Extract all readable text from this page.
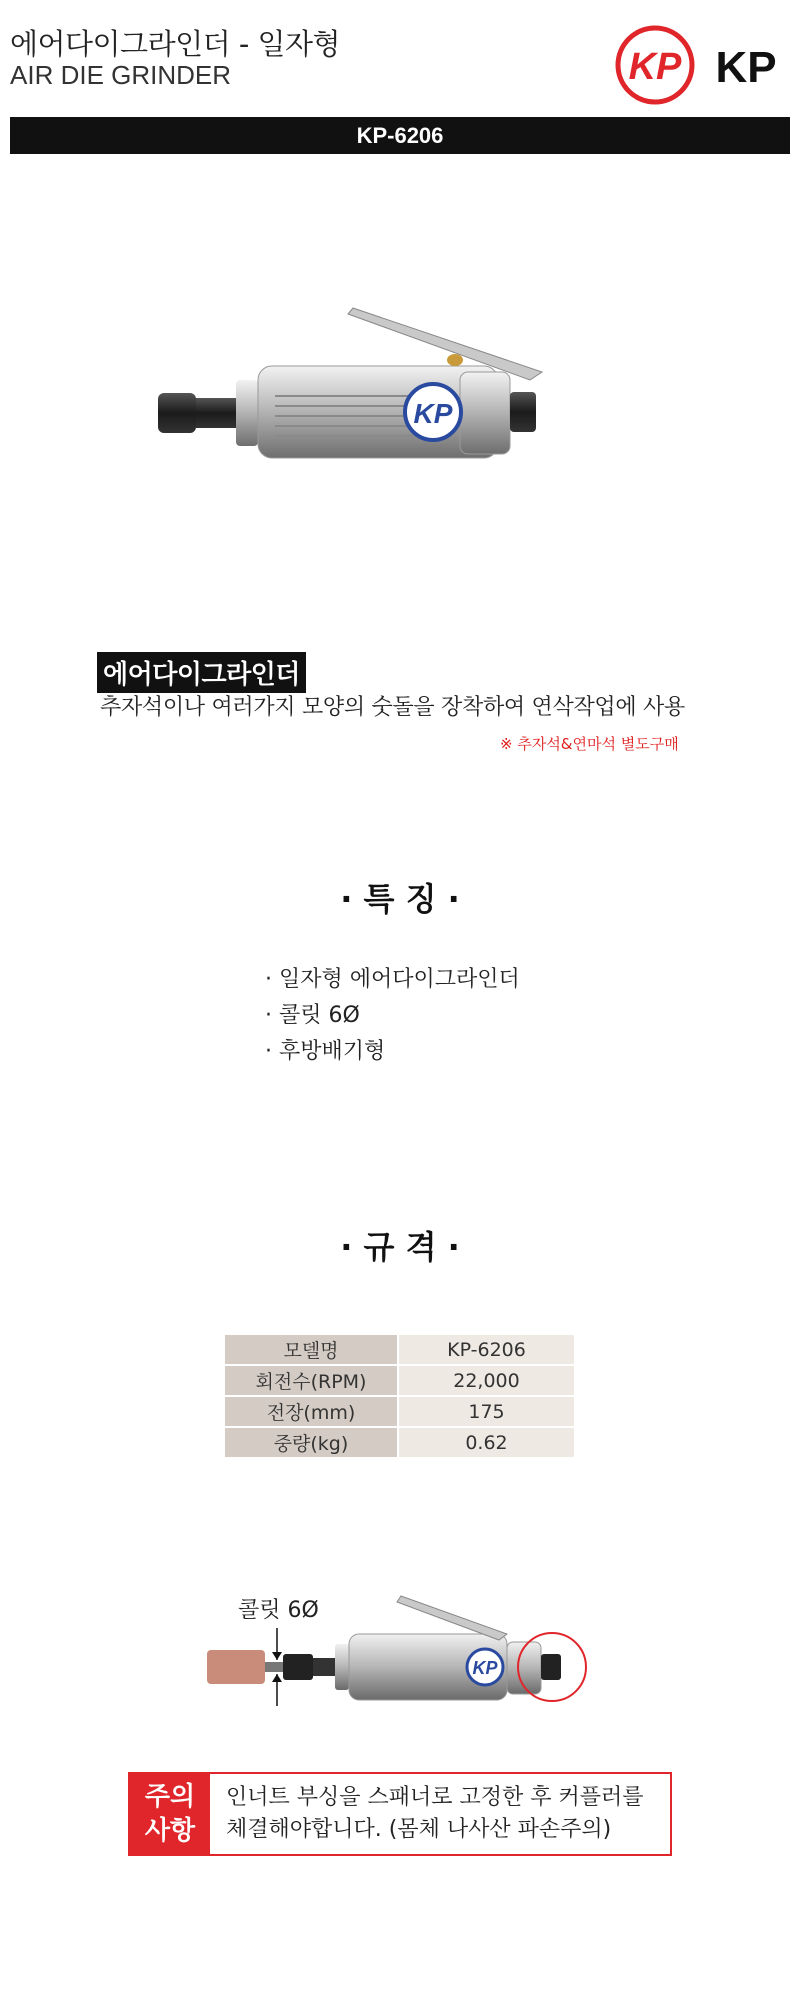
에어다이그라인더 - 일자형
AIR DIE GRINDER	KP KP
KP-6206
KP
에어다이그라인더
추자석이나 여러가지 모양의 숫돌을 장착하여 연삭작업에 사용
※ 추자석&연마석 별도구매
· 특 징 ·
· 일자형 에어다이그라인더
· 콜릿 6Ø
· 후방배기형
· 규 격 ·
모델명	KP-6206
회전수(RPM)	22,000
전장(mm)	175
중량(kg)	0.62
KP
콜릿 6Ø
주의
사항
인너트 부싱을 스패너로 고정한 후 커플러를 체결해야합니다. (몸체 나사산 파손주의)
